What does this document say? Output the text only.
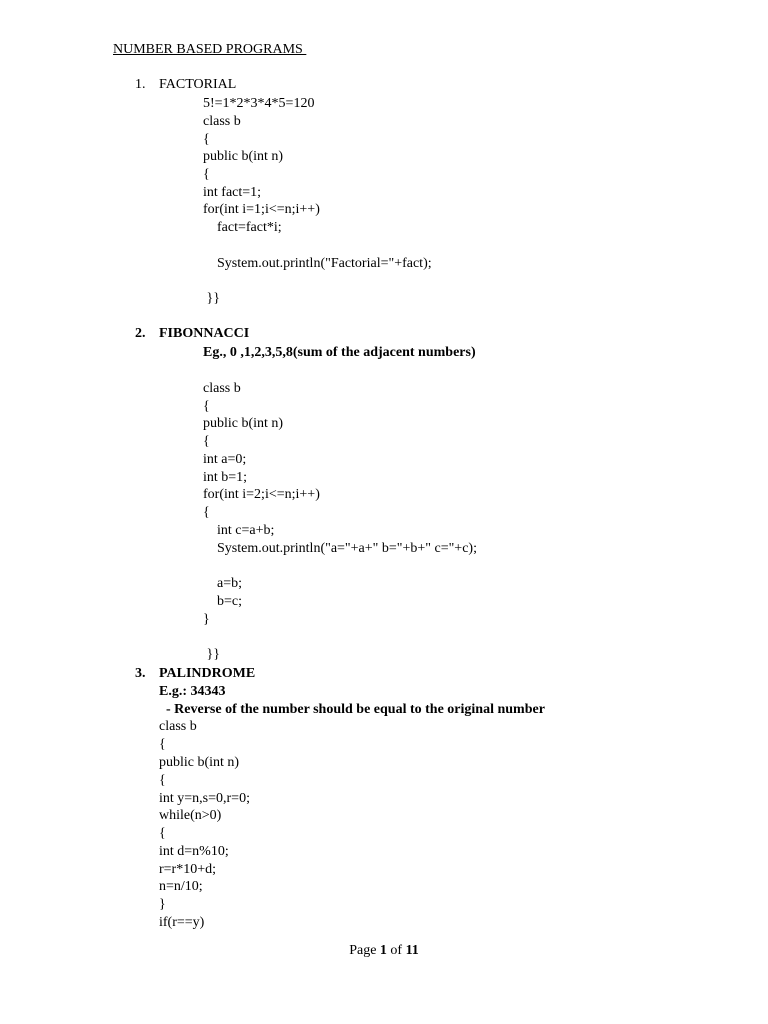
NUMBER BASED PROGRAMS
1. FACTORIAL
5!=1*2*3*4*5=120
class b
{
public b(int n)
{
int fact=1;
for(int i=1;i<=n;i++)
fact=fact*i;
System.out.println("Factorial="+fact);
}}
2. FIBONNACCI
Eg., 0 ,1,2,3,5,8(sum of the adjacent numbers)
class b
{
public b(int n)
{
int a=0;
int b=1;
for(int i=2;i<=n;i++)
{
int c=a+b;
System.out.println("a="+a+" b="+b+" c="+c);
a=b;
b=c;
}
}}
3. PALINDROME
E.g.: 34343
- Reverse of the number should be equal to the original number
class b
{
public b(int n)
{
int y=n,s=0,r=0;
while(n>0)
{
int d=n%10;
r=r*10+d;
n=n/10;
}
if(r==y)
Page 1 of 11
